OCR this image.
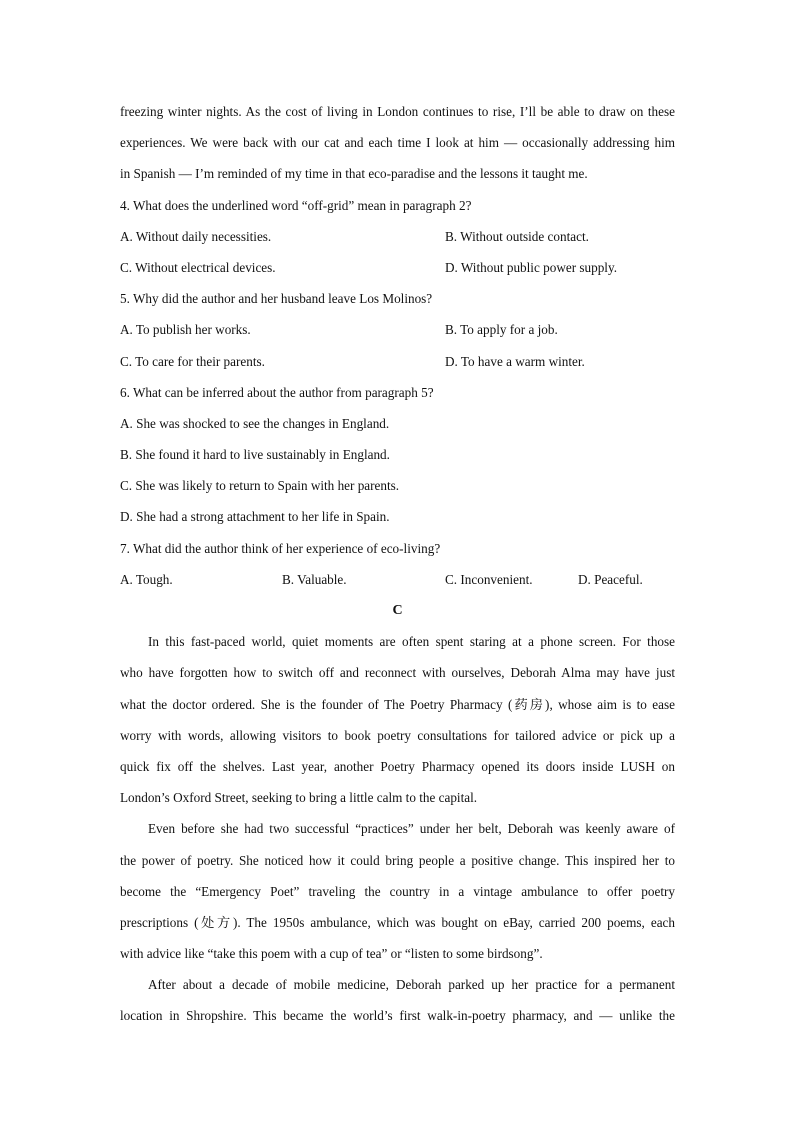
freezing winter nights. As the cost of living in London continues to rise, I’ll be able to draw on these
experiences. We were back with our cat and each time I look at him — occasionally addressing him
in Spanish — I’m reminded of my time in that eco-paradise and the lessons it taught me.
4. What does the underlined word “off-grid” mean in paragraph 2?
A. Without daily necessities.	B. Without outside contact.
C. Without electrical devices.	D. Without public power supply.
5. Why did the author and her husband leave Los Molinos?
A. To publish her works.	B. To apply for a job.
C. To care for their parents.	D. To have a warm winter.
6. What can be inferred about the author from paragraph 5?
A. She was shocked to see the changes in England.
B. She found it hard to live sustainably in England.
C. She was likely to return to Spain with her parents.
D. She had a strong attachment to her life in Spain.
7. What did the author think of her experience of eco-living?
A. Tough.	B. Valuable.	C. Inconvenient.	D. Peaceful.
C
In this fast-paced world, quiet moments are often spent staring at a phone screen. For those
who have forgotten how to switch off and reconnect with ourselves, Deborah Alma may have just
what the doctor ordered. She is the founder of The Poetry Pharmacy (药房), whose aim is to ease
worry with words, allowing visitors to book poetry consultations for tailored advice or pick up a
quick fix off the shelves. Last year, another Poetry Pharmacy opened its doors inside LUSH on
London’s Oxford Street, seeking to bring a little calm to the capital.
Even before she had two successful “practices” under her belt, Deborah was keenly aware of
the power of poetry. She noticed how it could bring people a positive change. This inspired her to
become the “Emergency Poet” traveling the country in a vintage ambulance to offer poetry
prescriptions (处方). The 1950s ambulance, which was bought on eBay, carried 200 poems, each
with advice like “take this poem with a cup of tea” or “listen to some birdsong”.
After about a decade of mobile medicine, Deborah parked up her practice for a permanent
location in Shropshire. This became the world’s first walk-in-poetry pharmacy, and — unlike the
